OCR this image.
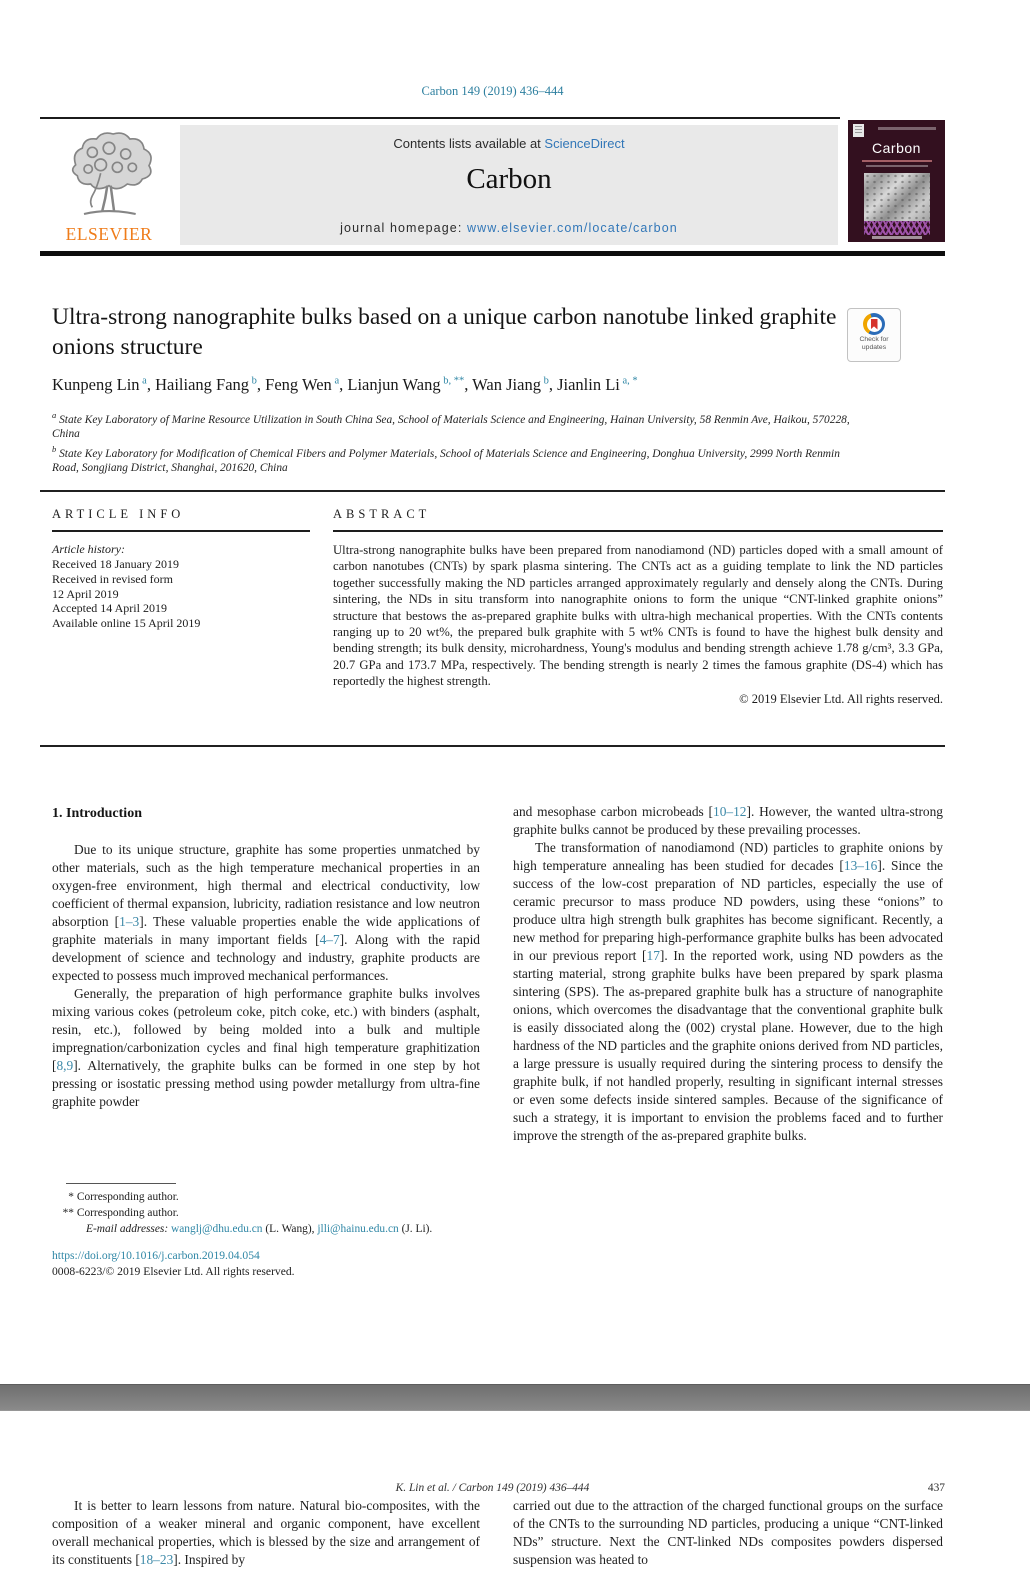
Carbon 149 (2019) 436–444
ELSEVIER
Contents lists available at ScienceDirect
Carbon
journal homepage: www.elsevier.com/locate/carbon
Carbon
Ultra-strong nanographite bulks based on a unique carbon nanotube linked graphite onions structure	Check for
updates
Kunpeng Lin $^a$, Hailiang Fang $^b$, Feng Wen $^a$, Lianjun Wang $^{b, **}$, Wan Jiang $^b$, Jianlin Li $^{a, *}$
$^a$ State Key Laboratory of Marine Resource Utilization in South China Sea, School of Materials Science and Engineering, Hainan University, 58 Renmin Ave, Haikou, 570228, China
$^b$ State Key Laboratory for Modification of Chemical Fibers and Polymer Materials, School of Materials Science and Engineering, Donghua University, 2999 North Renmin Road, Songjiang District, Shanghai, 201620, China
ARTICLE INFO
Article history:
Received 18 January 2019
Received in revised form
12 April 2019
Accepted 14 April 2019
Available online 15 April 2019
ABSTRACT
Ultra-strong nanographite bulks have been prepared from nanodiamond (ND) particles doped with a small amount of carbon nanotubes (CNTs) by spark plasma sintering. The CNTs act as a guiding template to link the ND particles together successfully making the ND particles arranged approximately regularly and densely along the CNTs. During sintering, the NDs in situ transform into nanographite onions to form the unique “CNT-linked graphite onions” structure that bestows the as-prepared graphite bulks with ultra-high mechanical properties. With the CNTs contents ranging up to 20 wt%, the prepared bulk graphite with 5 wt% CNTs is found to have the highest bulk density and bending strength; its bulk density, microhardness, Young's modulus and bending strength achieve 1.78 g/cm³, 3.3 GPa, 20.7 GPa and 173.7 MPa, respectively. The bending strength is nearly 2 times the famous graphite (DS-4) which has reportedly the highest strength.
© 2019 Elsevier Ltd. All rights reserved.
1. Introduction

Due to its unique structure, graphite has some properties unmatched by other materials, such as the high temperature mechanical properties in an oxygen-free environment, high thermal and electrical conductivity, low coefficient of thermal expansion, lubricity, radiation resistance and low neutron absorption [1–3]. These valuable properties enable the wide applications of graphite materials in many important fields [4–7]. Along with the rapid development of science and technology and industry, graphite products are expected to possess much improved mechanical performances.

Generally, the preparation of high performance graphite bulks involves mixing various cokes (petroleum coke, pitch coke, etc.) with binders (asphalt, resin, etc.), followed by being molded into a bulk and multiple impregnation/carbonization cycles and final high temperature graphitization [8,9]. Alternatively, the graphite bulks can be formed in one step by hot pressing or isostatic pressing method using powder metallurgy from ultra-fine graphite powder

and mesophase carbon microbeads [10–12]. However, the wanted ultra-strong graphite bulks cannot be produced by these prevailing processes.

The transformation of nanodiamond (ND) particles to graphite onions by high temperature annealing has been studied for decades [13–16]. Since the success of the low-cost preparation of ND particles, especially the use of ceramic precursor to mass produce ND powders, using these “onions” to produce ultra high strength bulk graphites has become significant. Recently, a new method for preparing high-performance graphite bulks has been advocated in our previous report [17]. In the reported work, using ND powders as the starting material, strong graphite bulks have been prepared by spark plasma sintering (SPS). The as-prepared graphite bulk has a structure of nanographite onions, which overcomes the disadvantage that the conventional graphite bulk is easily dissociated along the (002) crystal plane. However, due to the high hardness of the ND particles and the graphite onions derived from ND particles, a large pressure is usually required during the sintering process to densify the graphite bulk, if not handled properly, resulting in significant internal stresses or even some defects inside sintered samples. Because of the significance of such a strategy, it is important to envision the problems faced and to further improve the strength of the as-prepared graphite bulks.

* Corresponding author.
** Corresponding author.
E-mail addresses: wanglj@dhu.edu.cn (L. Wang), jlli@hainu.edu.cn (J. Li).
https://doi.org/10.1016/j.carbon.2019.04.054
0008-6223/© 2019 Elsevier Ltd. All rights reserved.
K. Lin et al. / Carbon 149 (2019) 436–444	437

It is better to learn lessons from nature. Natural bio-composites, with the composition of a weaker mineral and organic component, have excellent overall mechanical properties, which is blessed by the size and arrangement of its constituents [18–23]. Inspired by

carried out due to the attraction of the charged functional groups on the surface of the CNTs to the surrounding ND particles, producing a unique “CNT-linked NDs” structure. Next the CNT-linked NDs composites powders dispersed suspension was heated to
